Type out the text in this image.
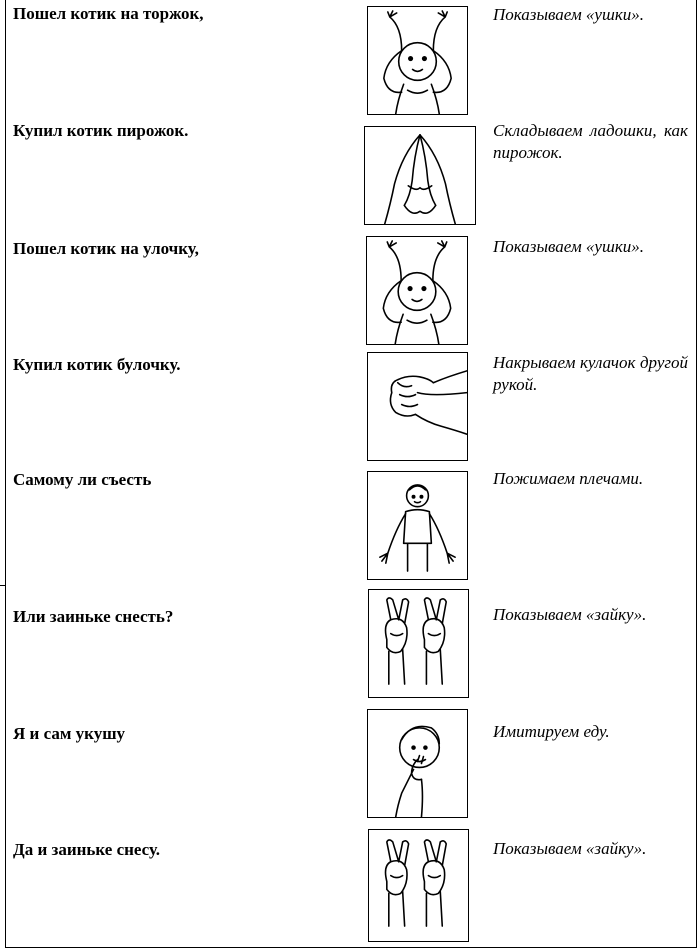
Пошел котик на торжок,	Показываем «ушки».
Купил котик пирожок.	Складываем ладошки, как пирожок.
Пошел котик на улочку,	Показываем «ушки».
Купил котик булочку.	Накрываем кулачок другой рукой.
Самому ли съесть	Пожимаем плечами.
Или заиньке снесть?	Показываем «зайку».
Я и сам укушу	Имитируем еду.
Да и заиньке снесу.	Показываем «зайку».
